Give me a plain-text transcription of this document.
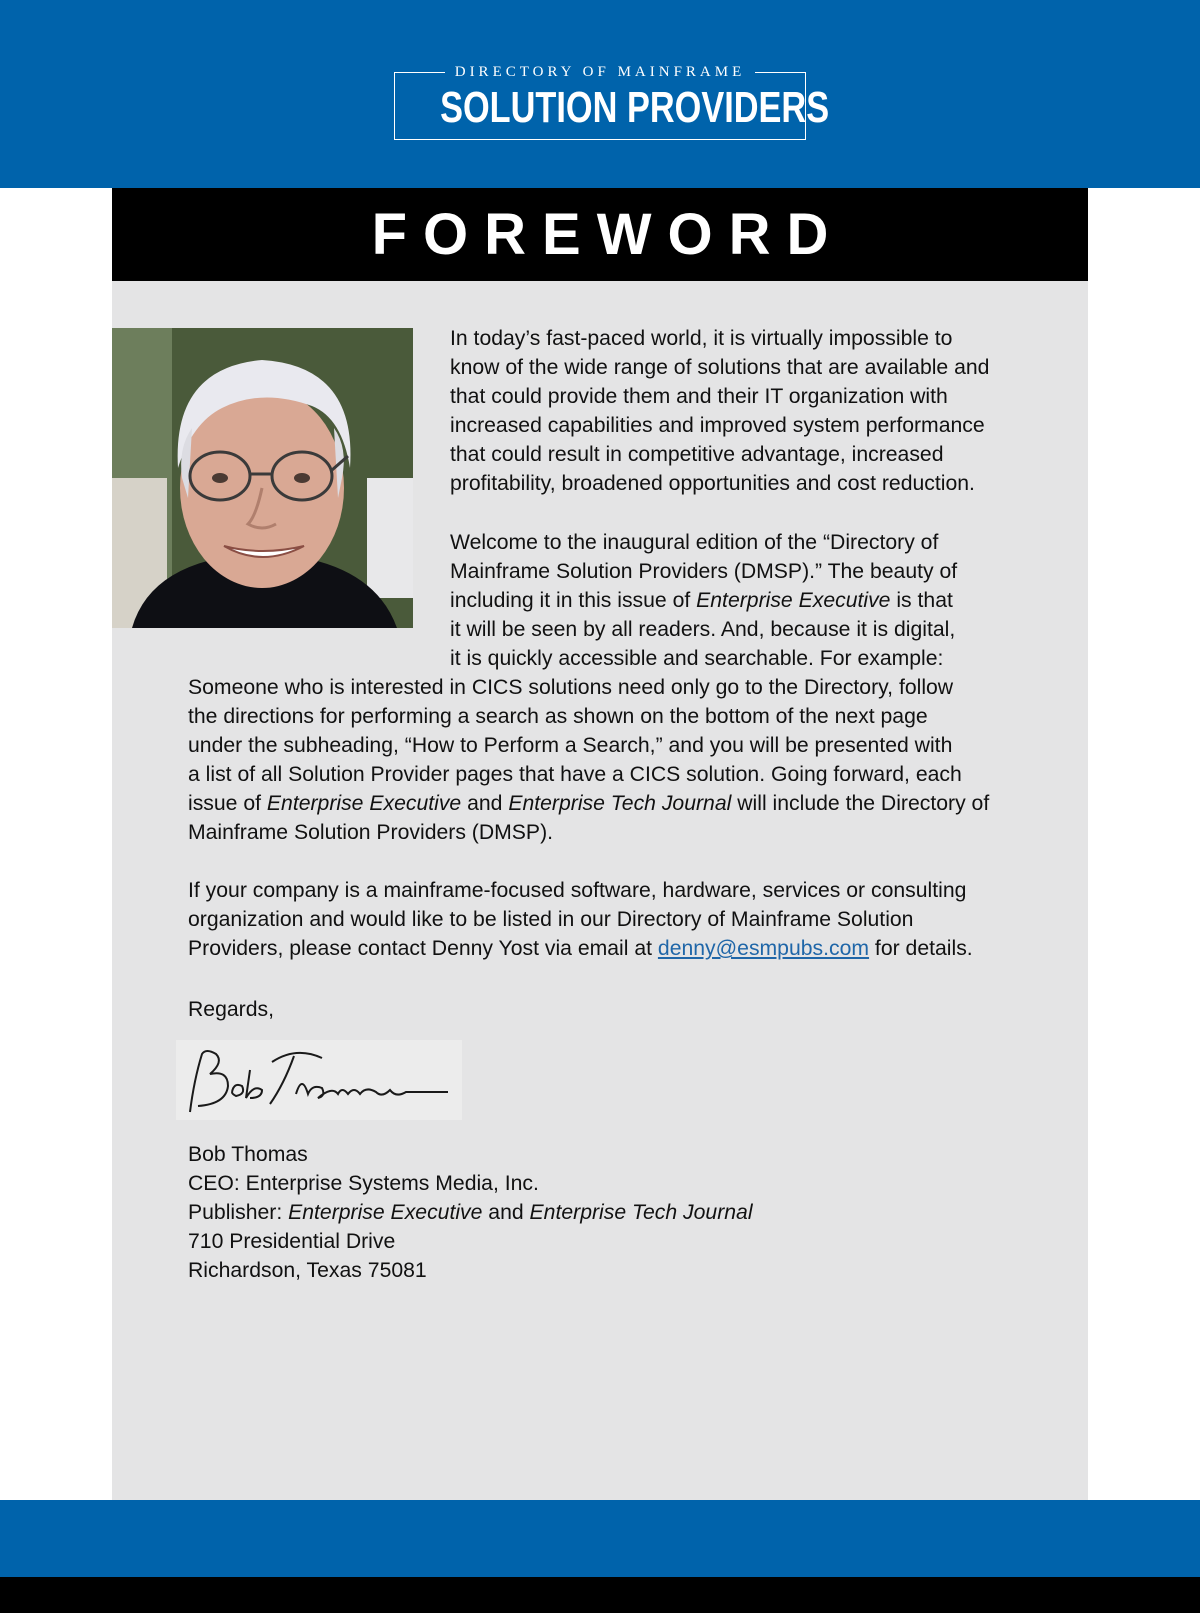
DIRECTORY OF MAINFRAME
SOLUTION PROVIDERS
FOREWORD
In today’s fast-paced world, it is virtually impossible to
know of the wide range of solutions that are available and
that could provide them and their IT organization with
increased capabilities and improved system performance
that could result in competitive advantage, increased
profitability, broadened opportunities and cost reduction.
Welcome to the inaugural edition of the “Directory of
Mainframe Solution Providers (DMSP).” The beauty of
including it in this issue of Enterprise Executive is that
it will be seen by all readers. And, because it is digital,
it is quickly accessible and searchable. For example:
Someone who is interested in CICS solutions need only go to the Directory, follow
the directions for performing a search as shown on the bottom of the next page
under the subheading, “How to Perform a Search,” and you will be presented with
a list of all Solution Provider pages that have a CICS solution. Going forward, each
issue of Enterprise Executive and Enterprise Tech Journal will include the Directory of
Mainframe Solution Providers (DMSP).
If your company is a mainframe-focused software, hardware, services or consulting
organization and would like to be listed in our Directory of Mainframe Solution
Providers, please contact Denny Yost via email at denny@esmpubs.com for details.
Regards,
Bob Thomas
CEO: Enterprise Systems Media, Inc.
Publisher: Enterprise Executive and Enterprise Tech Journal
710 Presidential Drive
Richardson, Texas 75081
